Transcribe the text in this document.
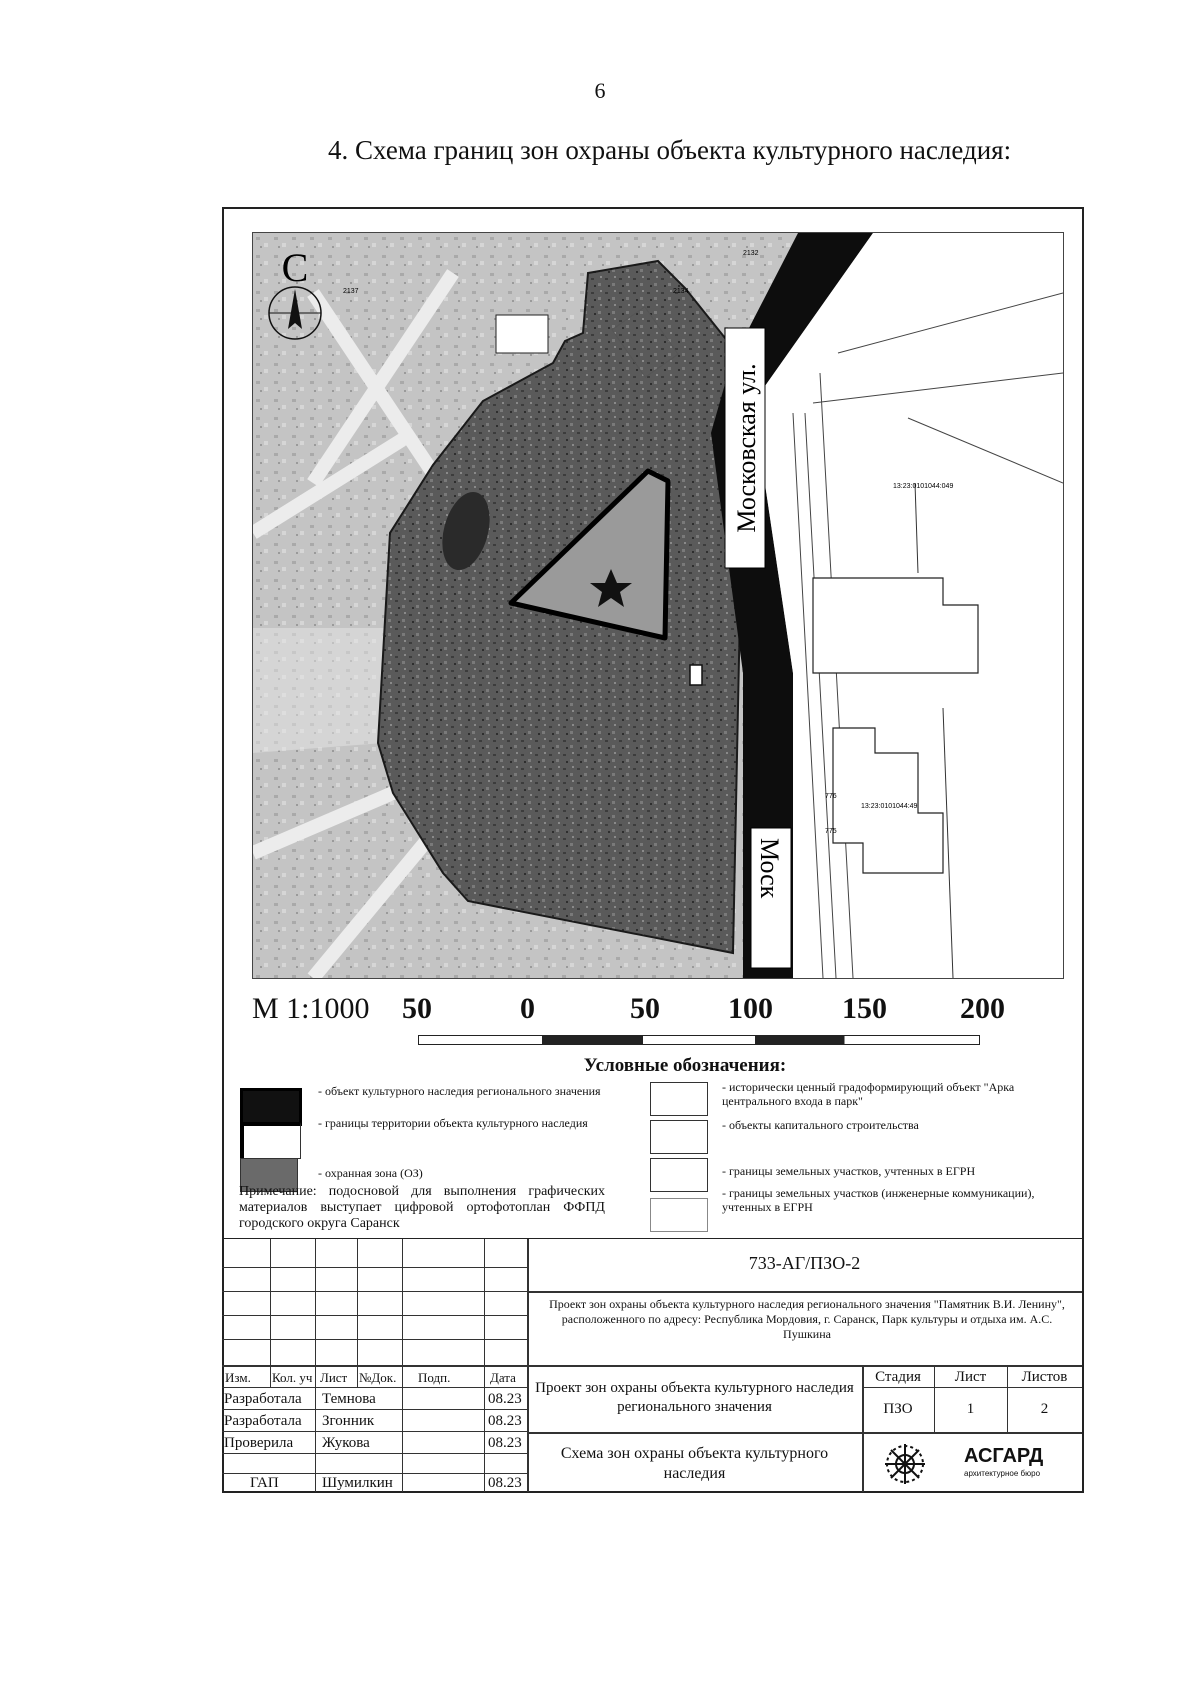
6
4. Схема границ зон охраны объекта культурного наследия:
Московская ул.
Моск
13:23:0101044:049
13:23:0101044:49
2132
2134
2137
776
775
С
М 1:1000 50	0	50 100 150 200
Условные обозначения:
- объект культурного наследия регионального значения
- границы территории объекта культурного наследия
- охранная зона (ОЗ)
- исторически ценный градоформирующий объект "Арка центрального входа в парк"
- объекты капитального строительства
- границы земельных участков, учтенных в ЕГРН
- границы земельных участков (инженерные коммуникации), учтенных в ЕГРН
Примечание: подосновой для выполнения графических материалов выступает цифровой ортофотоплан ФФПД городского округа Саранск
Изм. Кол. уч Лист №Док. Подп.	Дата
Разработала Темнова	08.23
Разработала Згонник	08.23
Проверила Жукова	08.23
ГАП	Шумилкин	08.23
733-АГ/ПЗО-2
Проект зон охраны объекта культурного наследия регионального значения "Памятник В.И. Ленину", расположенного по адресу: Республика Мордовия, г. Саранск, Парк культуры и отдыха им. А.С. Пушкина
Проект зон охраны объекта культурного наследия регионального значения
Стадия	Лист	Листов
ПЗО	1	2
Схема зон охраны объекта культурного наследия
АСГАРД
архитектурное бюро
